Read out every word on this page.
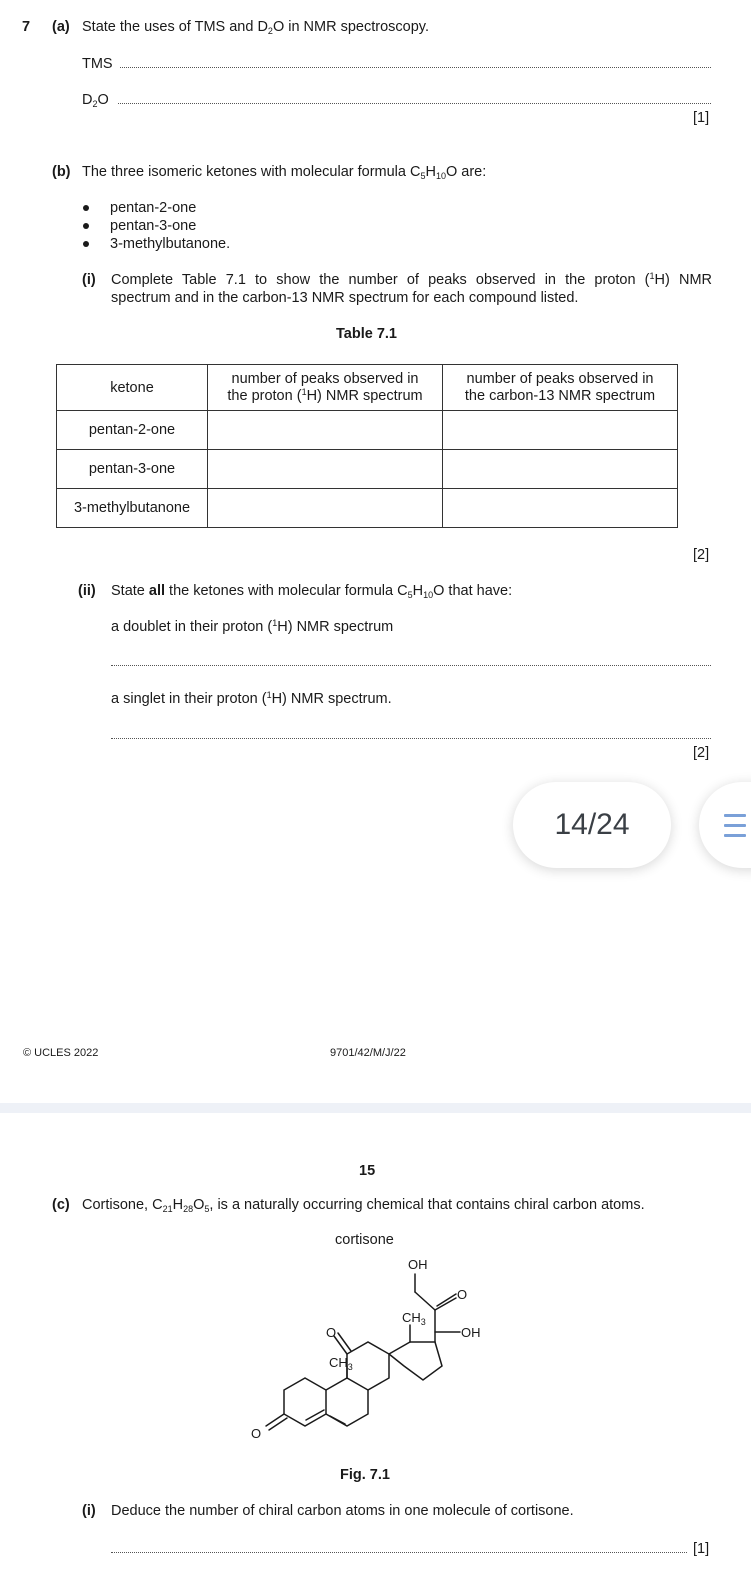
7 (a) State the uses of TMS and $D_2O$ in NMR spectroscopy.
TMS
$D_2O$
[1]
(b) The three isomeric ketones with molecular formula $C_5H_{10}O$ are:
pentan-2-one
pentan-3-one
3-methylbutanone.
(i) Complete Table 7.1 to show the number of peaks observed in the proton ($^1$H) NMR
spectrum and in the carbon-13 NMR spectrum for each compound listed.
Table 7.1
ketone	number of peaks observed in
the proton ($^1$H) NMR spectrum	number of peaks observed in
the carbon-13 NMR spectrum
pentan-2-one		
pentan-3-one		
3-methylbutanone		
[2]
(ii) State all the ketones with molecular formula $C_5H_{10}O$ that have:
a doublet in their proton ($^1$H) NMR spectrum
a singlet in their proton ($^1$H) NMR spectrum.
[2]
14/24
© UCLES 2022	9701/42/M/J/22
15
(c) Cortisone, $C_{21}H_{28}O_5$, is a naturally occurring chemical that contains chiral carbon atoms.
cortisone
OH
O
OH
$CH_3$
O
$CH_3$
O
Fig. 7.1
(i) Deduce the number of chiral carbon atoms in one molecule of cortisone.
[1]
